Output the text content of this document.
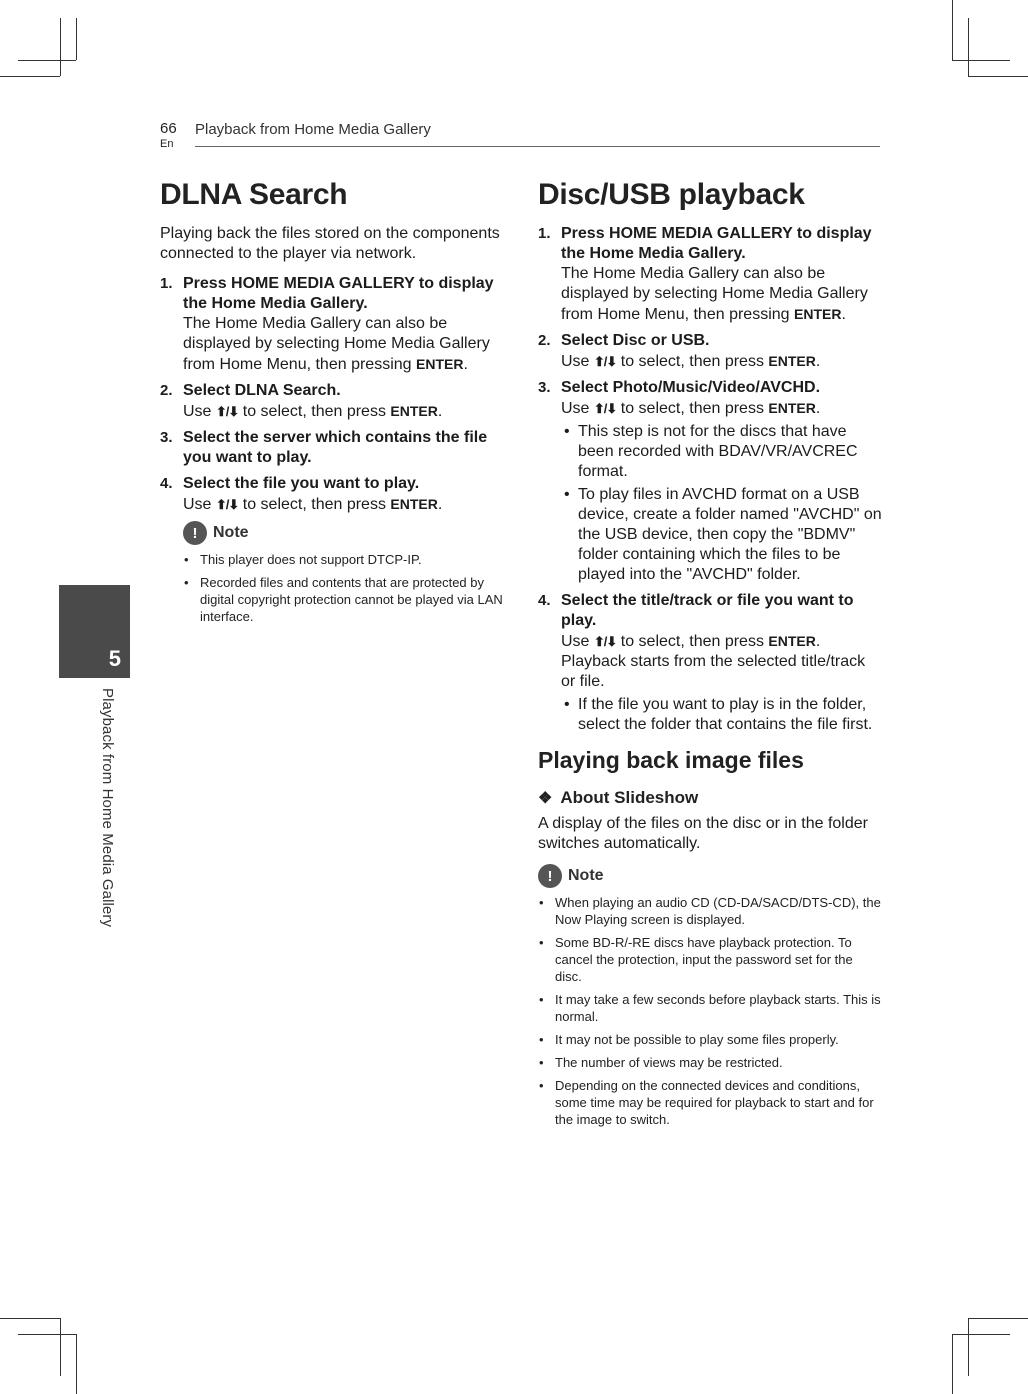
66
En
Playback from Home Media Gallery
5
Playback from Home Media Gallery
DLNA Search

Playing back the files stored on the components connected to the player via network.

1. Press HOME MEDIA GALLERY to display the Home Media Gallery.
The Home Media Gallery can also be displayed by selecting Home Media Gallery from Home Menu, then pressing ENTER.
2. Select DLNA Search.
Use ⬆/⬇ to select, then press ENTER.
3. Select the server which contains the file you want to play.
4. Select the file you want to play.
Use ⬆/⬇ to select, then press ENTER.
! Note
• This player does not support DTCP-IP.
• Recorded files and contents that are protected by digital copyright protection cannot be played via LAN interface.
Disc/USB playback
1. Press HOME MEDIA GALLERY to display the Home Media Gallery.
The Home Media Gallery can also be displayed by selecting Home Media Gallery from Home Menu, then pressing ENTER.
2. Select Disc or USB.
Use ⬆/⬇ to select, then press ENTER.
3. Select Photo/Music/Video/AVCHD.
Use ⬆/⬇ to select, then press ENTER.
• This step is not for the discs that have been recorded with BDAV/VR/AVCREC format.
• To play files in AVCHD format on a USB device, create a folder named "AVCHD" on the USB device, then copy the "BDMV" folder containing which the files to be played into the "AVCHD" folder.
4. Select the title/track or file you want to play.
Use ⬆/⬇ to select, then press ENTER.
Playback starts from the selected title/track or file.
• If the file you want to play is in the folder, select the folder that contains the file first.
Playing back image files
❖ About Slideshow

A display of the files on the disc or in the folder switches automatically.

! Note
• When playing an audio CD (CD-DA/SACD/DTS-CD), the Now Playing screen is displayed.
• Some BD-R/-RE discs have playback protection. To cancel the protection, input the password set for the disc.
• It may take a few seconds before playback starts. This is normal.
• It may not be possible to play some files properly.
• The number of views may be restricted.
• Depending on the connected devices and conditions, some time may be required for playback to start and for the image to switch.
